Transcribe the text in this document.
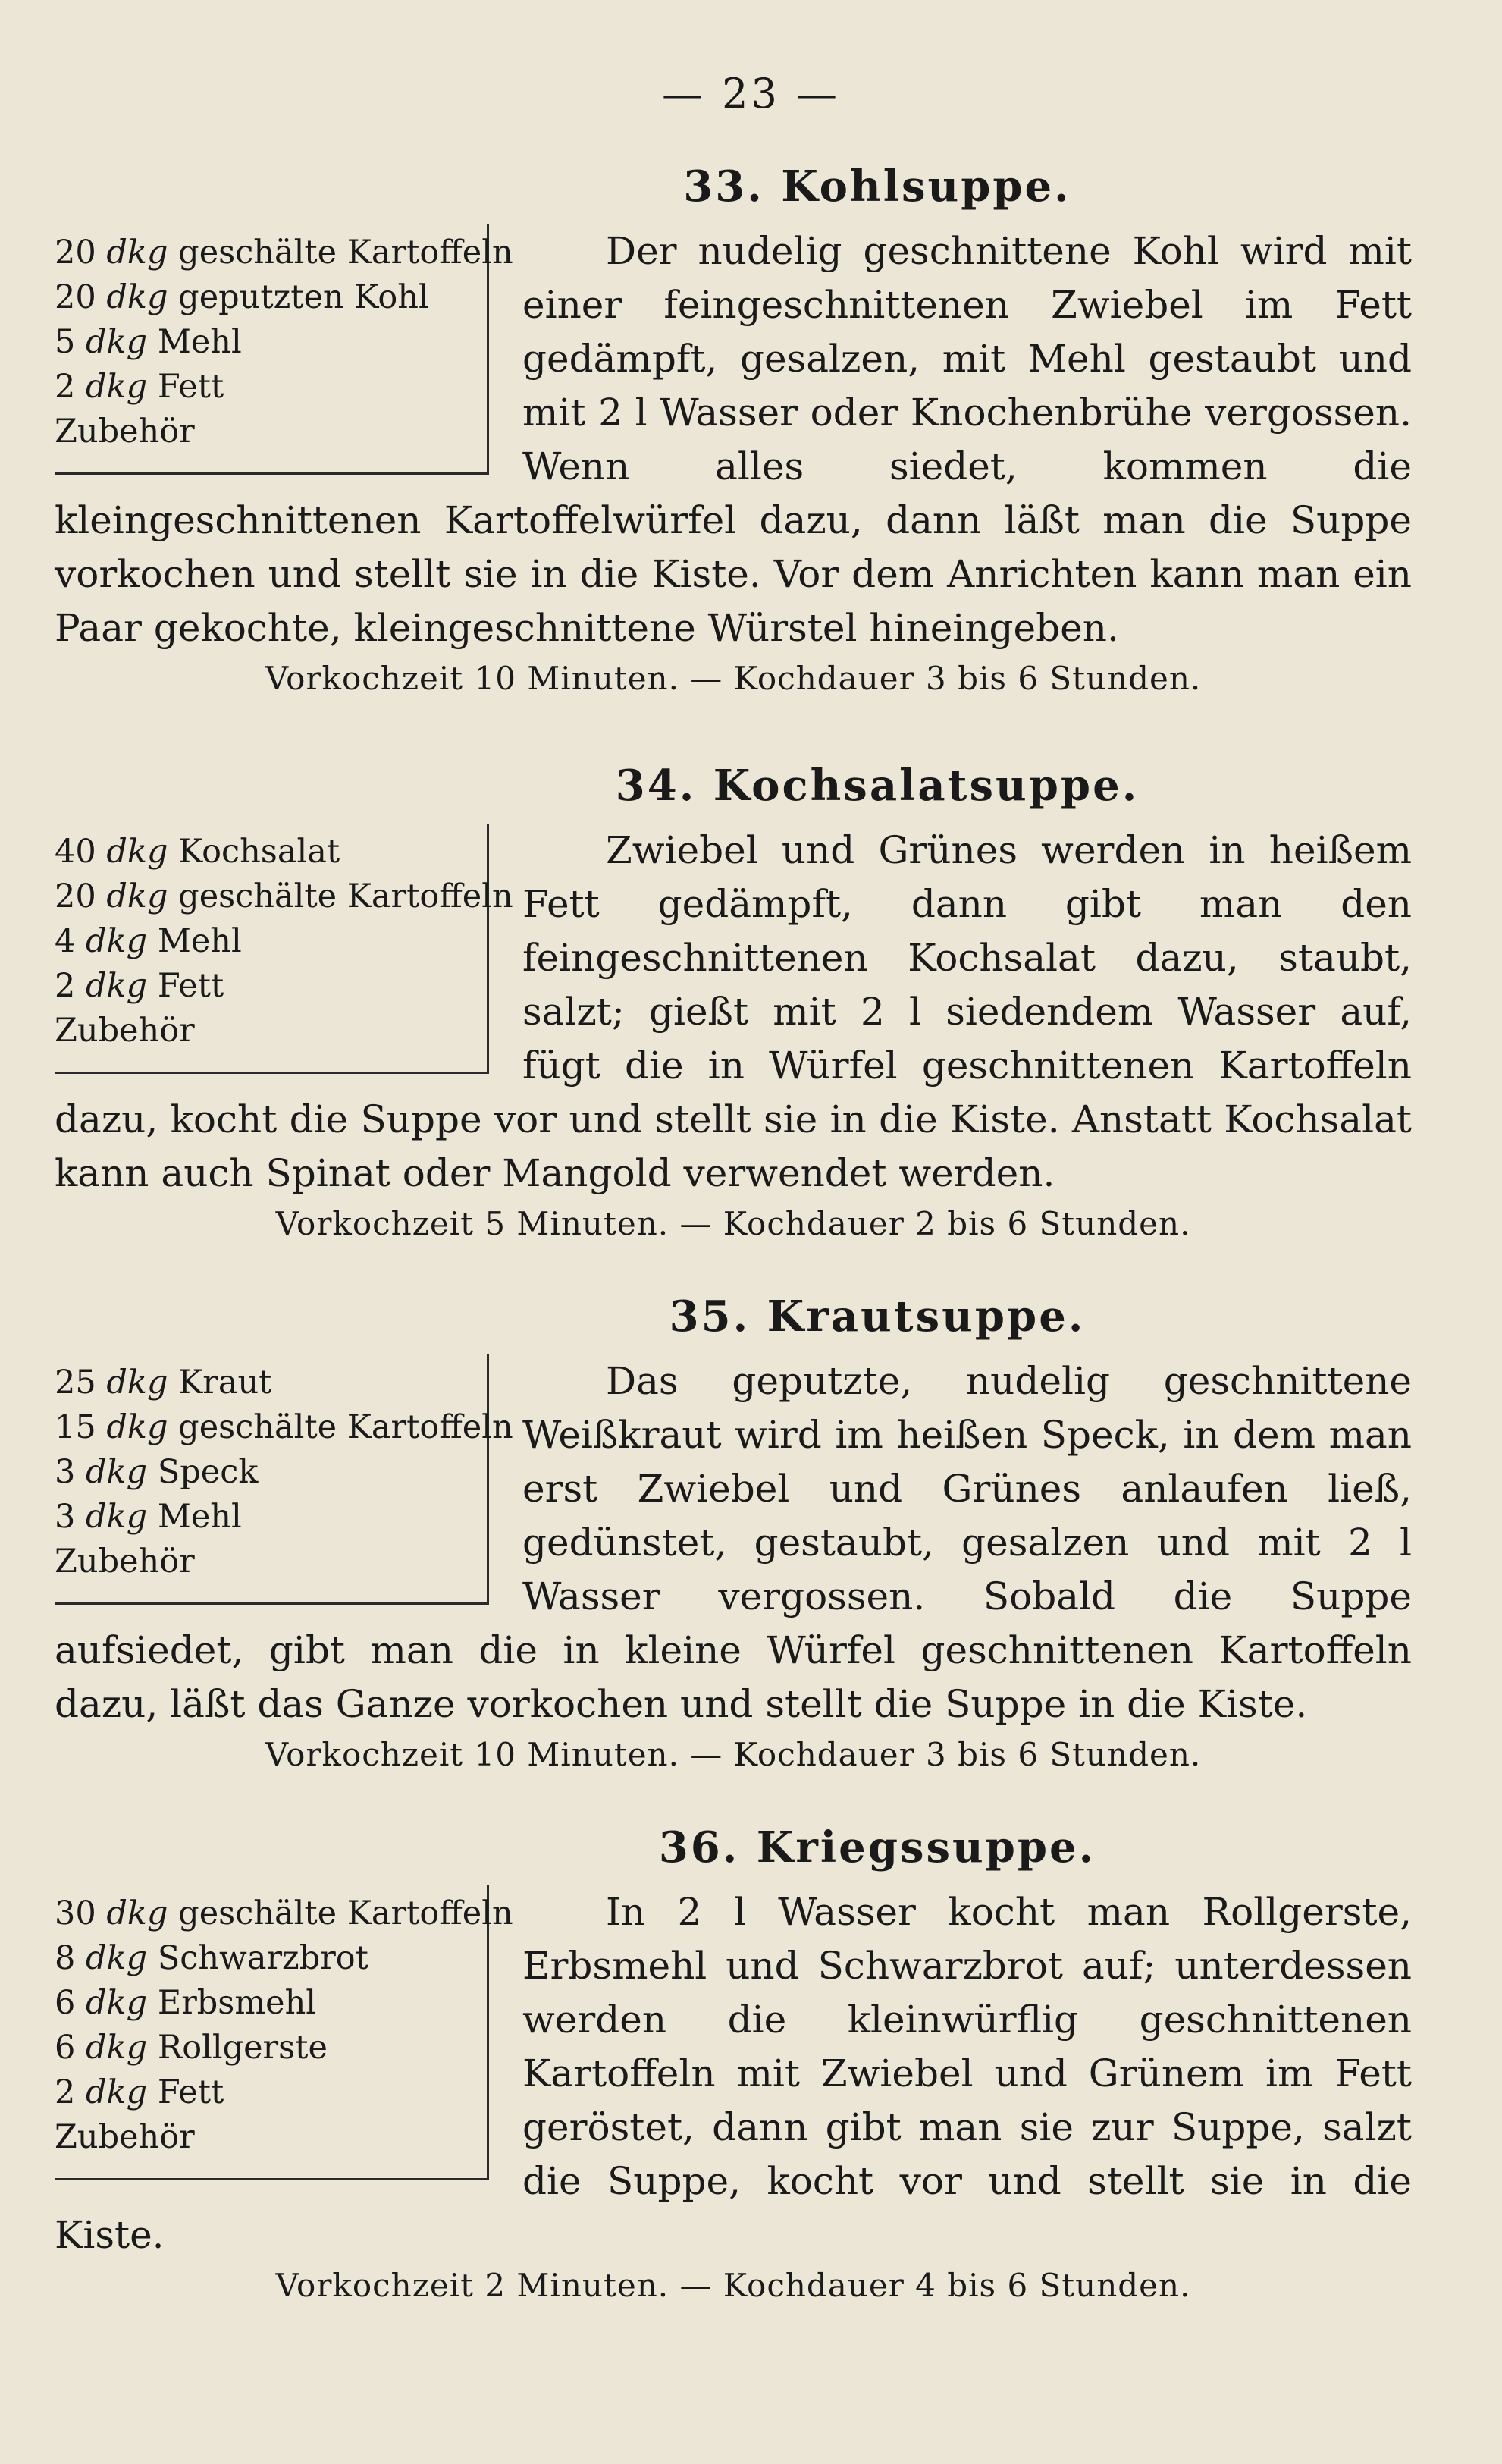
— 23 —
33. Kohlsuppe.
20 dkg geschälte Kartoffeln
20 dkg geputzten Kohl
5 dkg Mehl
2 dkg Fett
Zubehör

Der nudelig geschnittene Kohl wird mit einer feingeschnittenen Zwiebel im Fett gedämpft, gesalzen, mit Mehl gestaubt und mit 2 l Wasser oder Knochenbrühe vergossen. Wenn alles siedet, kommen die kleingeschnittenen Kartoffelwürfel dazu, dann läßt man die Suppe vorkochen und stellt sie in die Kiste. Vor dem Anrichten kann man ein Paar gekochte, kleingeschnittene Würstel hineingeben.

Vorkochzeit 10 Minuten. — Kochdauer 3 bis 6 Stunden.
34. Kochsalatsuppe.
40 dkg Kochsalat
20 dkg geschälte Kartoffeln
4 dkg Mehl
2 dkg Fett
Zubehör

Zwiebel und Grünes werden in heißem Fett gedämpft, dann gibt man den feingeschnittenen Kochsalat dazu, staubt, salzt; gießt mit 2 l siedendem Wasser auf, fügt die in Würfel geschnittenen Kartoffeln dazu, kocht die Suppe vor und stellt sie in die Kiste. Anstatt Kochsalat kann auch Spinat oder Mangold verwendet werden.

Vorkochzeit 5 Minuten. — Kochdauer 2 bis 6 Stunden.
35. Krautsuppe.
25 dkg Kraut
15 dkg geschälte Kartoffeln
3 dkg Speck
3 dkg Mehl
Zubehör

Das geputzte, nudelig geschnittene Weißkraut wird im heißen Speck, in dem man erst Zwiebel und Grünes anlaufen ließ, gedünstet, gestaubt, gesalzen und mit 2 l Wasser vergossen. Sobald die Suppe aufsiedet, gibt man die in kleine Würfel geschnittenen Kartoffeln dazu, läßt das Ganze vorkochen und stellt die Suppe in die Kiste.

Vorkochzeit 10 Minuten. — Kochdauer 3 bis 6 Stunden.
36. Kriegssuppe.
30 dkg geschälte Kartoffeln
8 dkg Schwarzbrot
6 dkg Erbsmehl
6 dkg Rollgerste
2 dkg Fett
Zubehör

In 2 l Wasser kocht man Rollgerste, Erbsmehl und Schwarzbrot auf; unterdessen werden die kleinwürflig geschnittenen Kartoffeln mit Zwiebel und Grünem im Fett geröstet, dann gibt man sie zur Suppe, salzt die Suppe, kocht vor und stellt sie in die Kiste.

Vorkochzeit 2 Minuten. — Kochdauer 4 bis 6 Stunden.
